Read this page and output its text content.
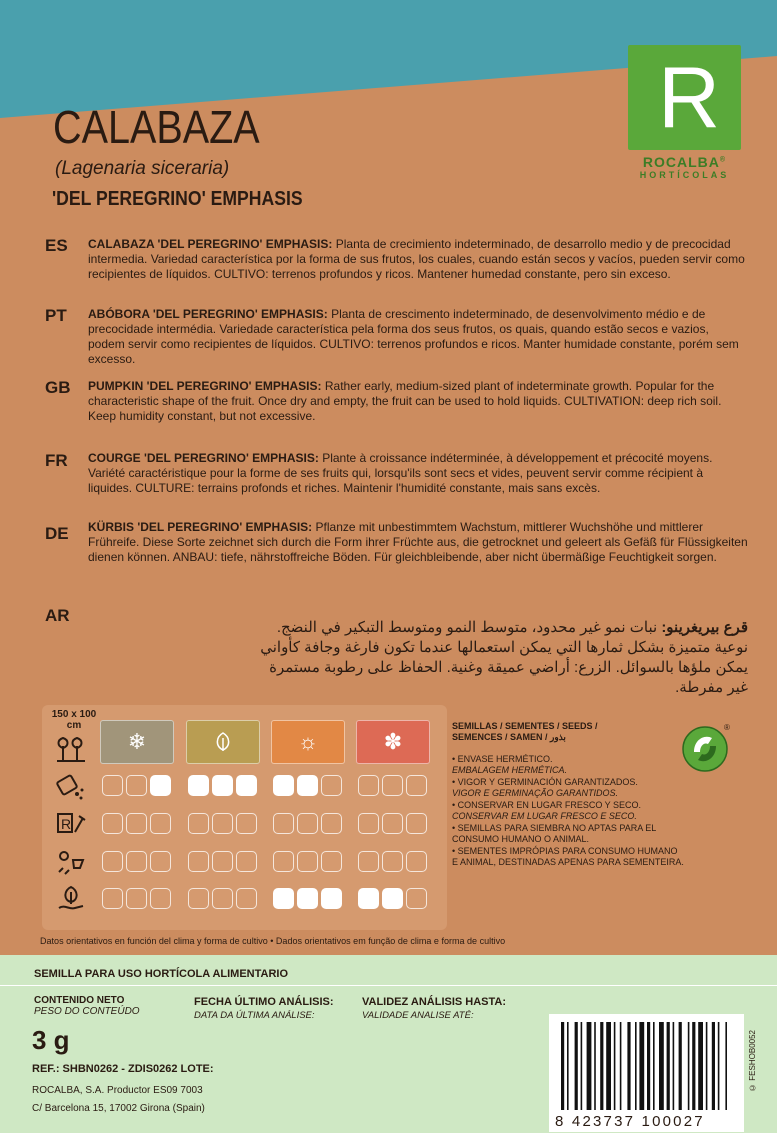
R
ROCALBA®
HORTÍCOLAS
CALABAZA
(Lagenaria siceraria)
'DEL PEREGRINO' EMPHASIS
ES CALABAZA 'DEL PEREGRINO' EMPHASIS: Planta de crecimiento indeterminado, de desarrollo medio y de precocidad intermedia. Variedad característica por la forma de sus frutos, los cuales, cuando están secos y vacíos, pueden servir como recipientes de líquidos. CULTIVO: terrenos profundos y ricos. Mantener humedad constante, pero sin exceso.
PT ABÓBORA 'DEL PEREGRINO' EMPHASIS: Planta de crescimento indeterminado, de desenvolvimento médio e de precocidade intermédia. Variedade característica pela forma dos seus frutos, os quais, quando estão secos e vazios, podem servir como recipientes de líquidos. CULTIVO: terrenos profundos e ricos. Manter humidade constante, porém sem excesso.
GB PUMPKIN 'DEL PEREGRINO' EMPHASIS: Rather early, medium-sized plant of indeterminate growth. Popular for the characteristic shape of the fruit. Once dry and empty, the fruit can be used to hold liquids. CULTIVATION: deep rich soil. Keep humidity constant, but not excessive.
FR COURGE 'DEL PEREGRINO' EMPHASIS: Plante à croissance indéterminée, à développement et précocité moyens. Variété caractéristique pour la forme de ses fruits qui, lorsqu'ils sont secs et vides, peuvent servir comme récipient à liquides. CULTURE: terrains profonds et riches. Maintenir l'humidité constante, mais sans excès.
DE KÜRBIS 'DEL PEREGRINO' EMPHASIS: Pflanze mit unbestimmtem Wachstum, mittlerer Wuchshöhe und mittlerer Frühreife. Diese Sorte zeichnet sich durch die Form ihrer Früchte aus, die getrocknet und geleert als Gefäß für Flüssigkeiten dienen können. ANBAU: tiefe, nährstoffreiche Böden. Für gleichbleibende, aber nicht übermäßige Feuchtigkeit sorgen.
AR
قرع بيريغرينو: نبات نمو غير محدود، متوسط النمو ومتوسط التبكير في النضج. نوعية متميزة بشكل ثمارها التي يمكن استعمالها عندما تكون فارغة وجافة كأواني يمكن ملؤها بالسوائل. الزرع: أراضي عميقة وغنية. الحفاظ على رطوبة مستمرة غير مفرطة.
150 x 100
cm
❄	☼	✽
R
SEMILLAS / SEMENTES / SEEDS /
SEMENCES / SAMEN / بذور
• ENVASE HERMÉTICO.
EMBALAGEM HERMÉTICA.
• VIGOR Y GERMINACIÓN GARANTIZADOS.
VIGOR E GERMINAÇÃO GARANTIDOS.
• CONSERVAR EN LUGAR FRESCO Y SECO.
CONSERVAR EM LUGAR FRESCO E SECO.
• SEMILLAS PARA SIEMBRA NO APTAS PARA EL CONSUMO HUMANO O ANIMAL.
• SEMENTES IMPRÓPIAS PARA CONSUMO HUMANO E ANIMAL, DESTINADAS APENAS PARA SEMENTEIRA.
®
Datos orientativos en función del clima y forma de cultivo • Dados orientativos em função de clima e forma de cultivo
SEMILLA PARA USO HORTÍCOLA ALIMENTARIO
CONTENIDO NETO
PESO DO CONTEÚDO
3 g
FECHA ÚLTIMO ANÁLISIS:
DATA DA ÚLTIMA ANÁLISE:
VALIDEZ ANÁLISIS HASTA:
VALIDADE ANALISE ATÉ:
REF.: SHBN0262 - ZDIS0262 LOTE:
ROCALBA, S.A. Productor ES09 7003
C/ Barcelona 15, 17002 Girona (Spain)
8 423737 100027
© FESHOB0052
